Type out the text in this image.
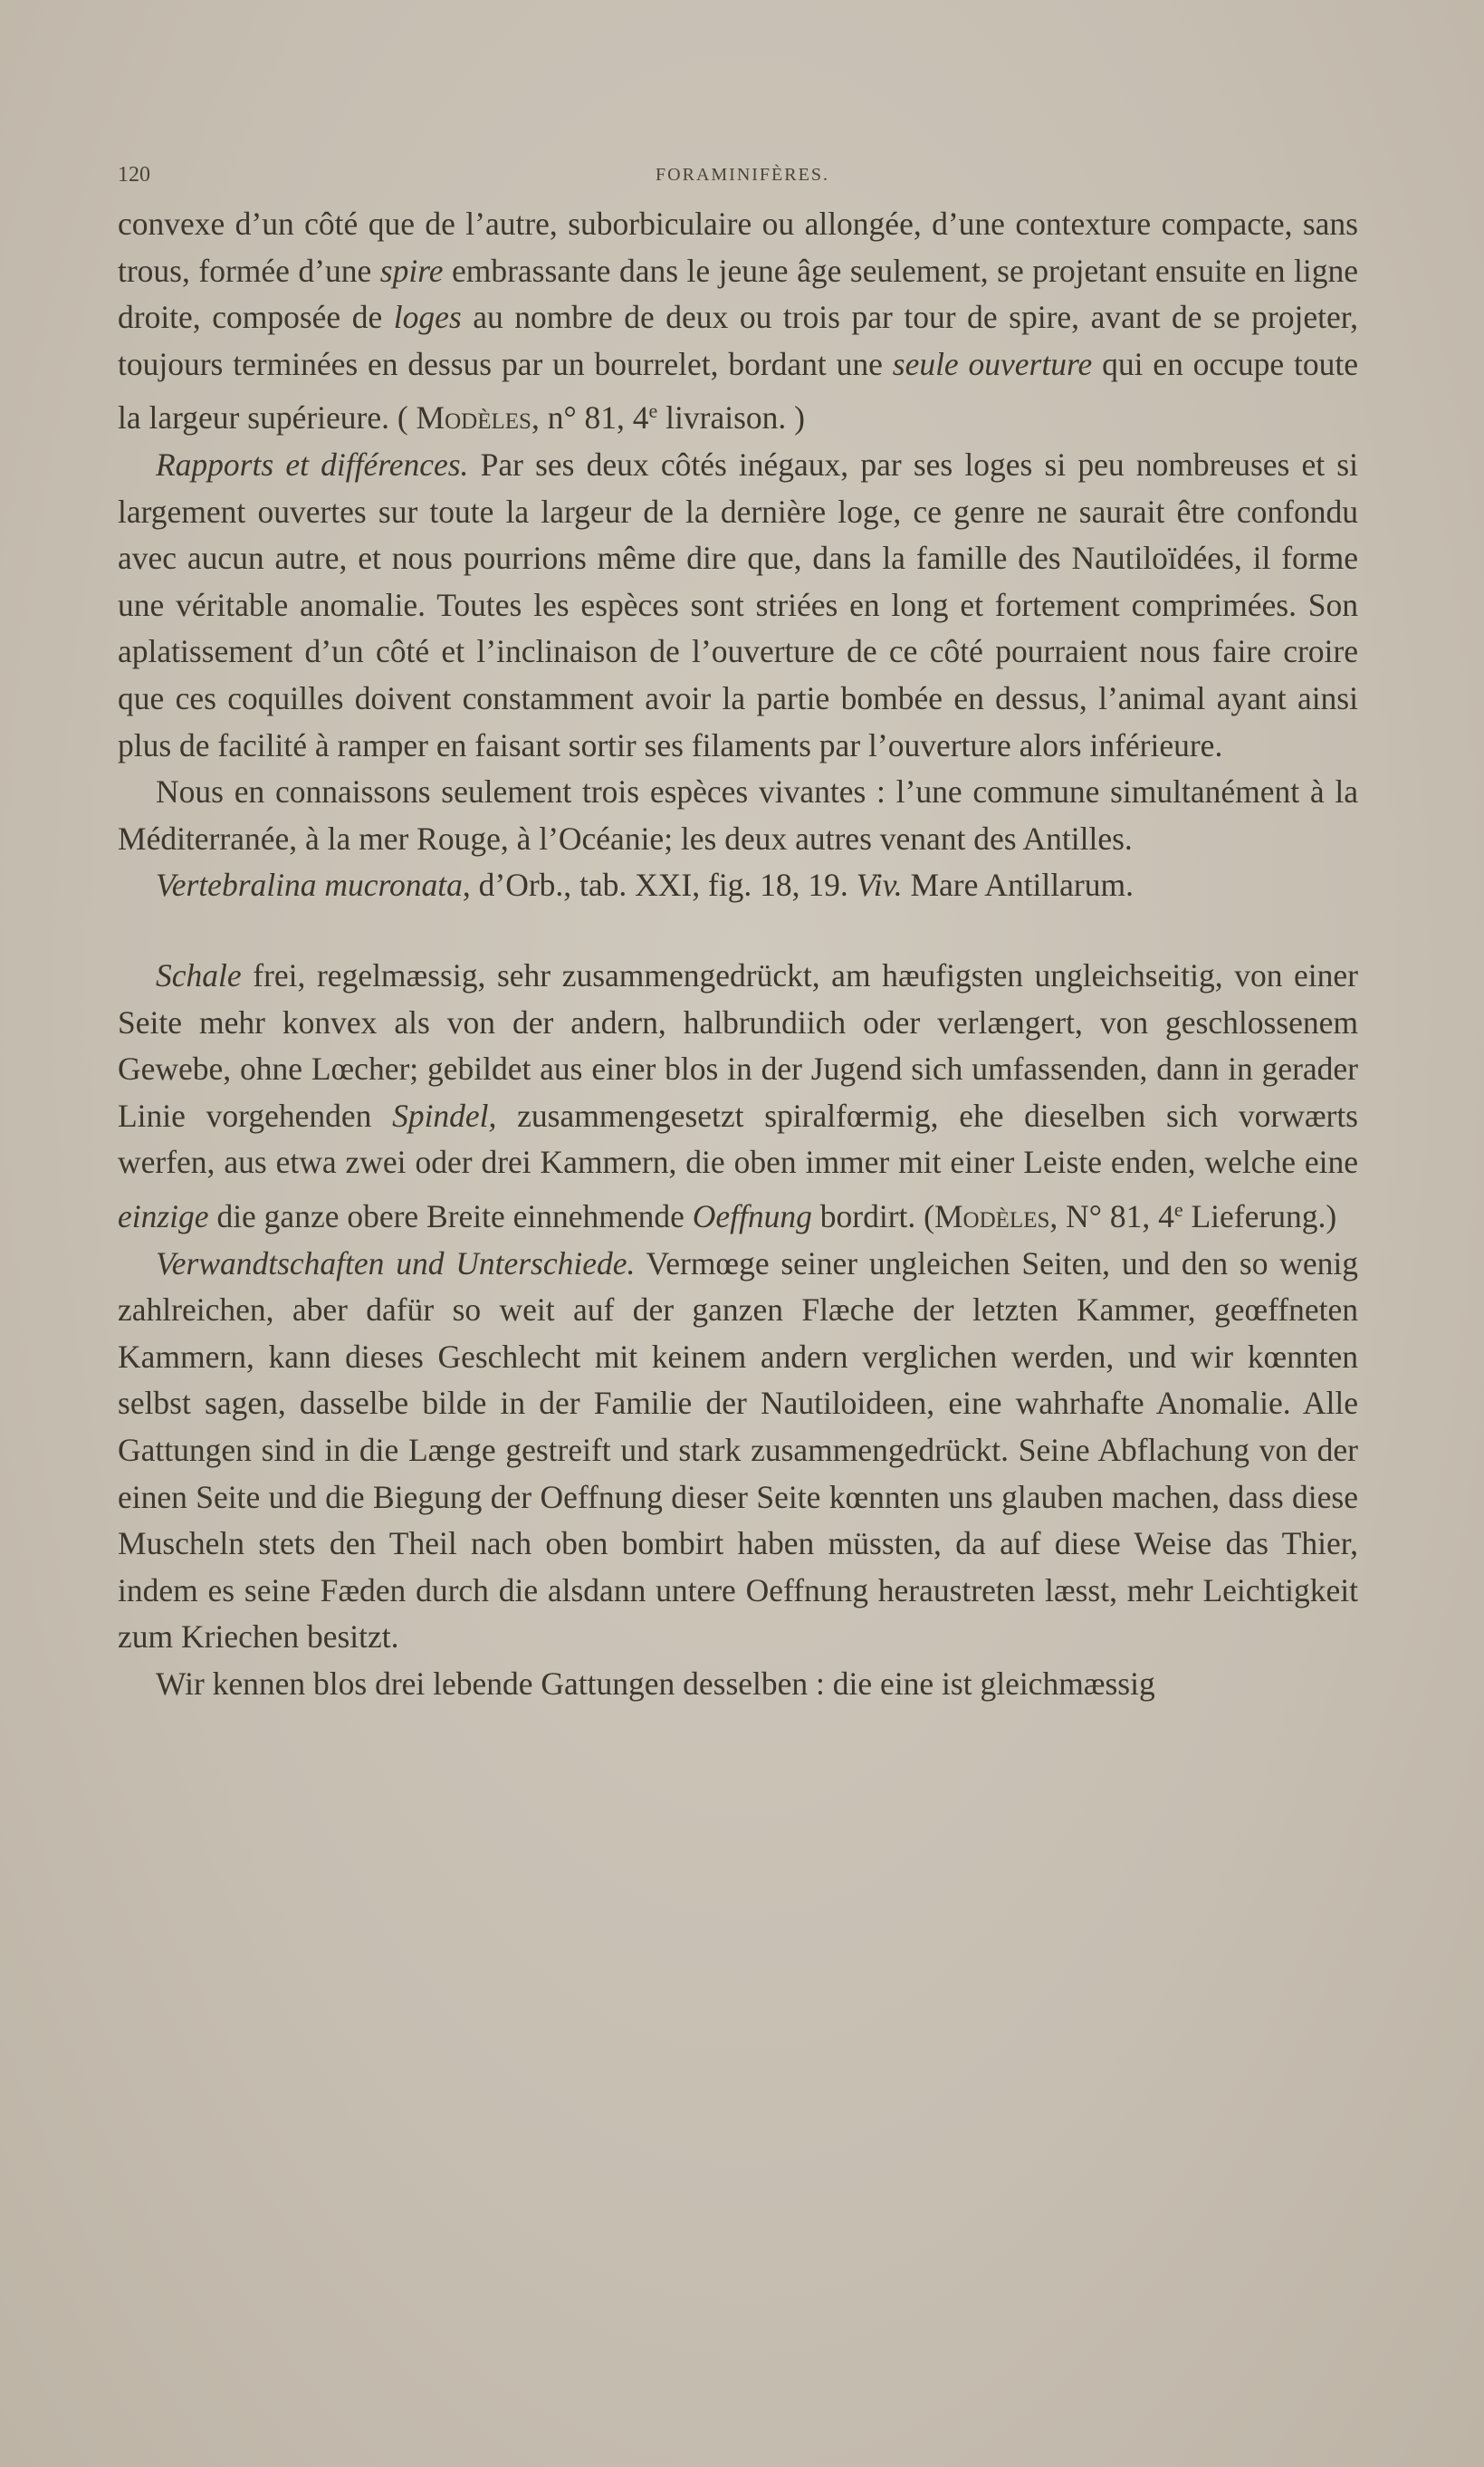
120	FORAMINIFÈRES.

convexe d’un côté que de l’autre, suborbiculaire ou allongée, d’une contexture compacte, sans trous, formée d’une spire embrassante dans le jeune âge seulement, se projetant ensuite en ligne droite, composée de loges au nombre de deux ou trois par tour de spire, avant de se projeter, toujours terminées en dessus par un bourrelet, bordant une seule ouverture qui en occupe toute la largeur supérieure. ( Modèles, n° 81, 4e livraison. )

Rapports et différences. Par ses deux côtés inégaux, par ses loges si peu nombreuses et si largement ouvertes sur toute la largeur de la dernière loge, ce genre ne saurait être confondu avec aucun autre, et nous pourrions même dire que, dans la famille des Nautiloïdées, il forme une véritable anomalie. Toutes les espèces sont striées en long et fortement comprimées. Son aplatissement d’un côté et l’inclinaison de l’ouverture de ce côté pourraient nous faire croire que ces coquilles doivent constamment avoir la partie bombée en dessus, l’animal ayant ainsi plus de facilité à ramper en faisant sortir ses filaments par l’ouverture alors inférieure.

Nous en connaissons seulement trois espèces vivantes : l’une commune simultanément à la Méditerranée, à la mer Rouge, à l’Océanie; les deux autres venant des Antilles.

Vertebralina mucronata, d’Orb., tab. XXI, fig. 18, 19. Viv. Mare Antillarum.

Schale frei, regelmæssig, sehr zusammengedrückt, am hæufigsten ungleichseitig, von einer Seite mehr konvex als von der andern, halbrundiich oder verlængert, von geschlossenem Gewebe, ohne Lœcher; gebildet aus einer blos in der Jugend sich umfassenden, dann in gerader Linie vorgehenden Spindel, zusammengesetzt spiralfœrmig, ehe dieselben sich vorwærts werfen, aus etwa zwei oder drei Kammern, die oben immer mit einer Leiste enden, welche eine einzige die ganze obere Breite einnehmende Oeffnung bordirt. (Modèles, N° 81, 4e Lieferung.)

Verwandtschaften und Unterschiede. Vermœge seiner ungleichen Seiten, und den so wenig zahlreichen, aber dafür so weit auf der ganzen Flæche der letzten Kammer, geœffneten Kammern, kann dieses Geschlecht mit keinem andern verglichen werden, und wir kœnnten selbst sagen, dasselbe bilde in der Familie der Nautiloideen, eine wahrhafte Anomalie. Alle Gattungen sind in die Længe gestreift und stark zusammengedrückt. Seine Abflachung von der einen Seite und die Biegung der Oeffnung dieser Seite kœnnten uns glauben machen, dass diese Muscheln stets den Theil nach oben bombirt haben müssten, da auf diese Weise das Thier, indem es seine Fæden durch die alsdann untere Oeffnung heraustreten læsst, mehr Leichtigkeit zum Kriechen besitzt.

Wir kennen blos drei lebende Gattungen desselben : die eine ist gleichmæssig
